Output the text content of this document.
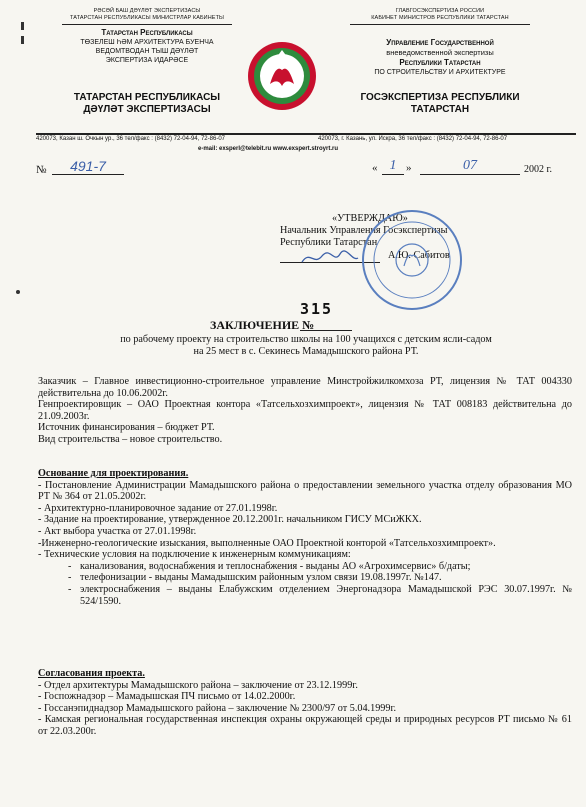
РӘСӘЙ БАШ ДӘҮЛӘТ ЭКСПЕРТИЗАСЫ
ТАТАРСТАН РЕСПУБЛИКАСЫ МИНИСТРЛАР КАБИНЕТЫ
Татарстан Республикасы
ТӨЗЕЛЕШ ҺӘМ АРХИТЕКТУРА БУЕНЧА
ВЕДОМТВОДАН ТЫШ ДӘҮЛӘТ
ЭКСПЕРТИЗА ИДАРӘСЕ
ТАТАРСТАН РЕСПУБЛИКАСЫ
ДӘҮЛӘТ ЭКСПЕРТИЗАСЫ
ГЛАВГОСЭКСПЕРТИЗА РОССИИ
КАБИНЕТ МИНИСТРОВ РЕСПУБЛИКИ ТАТАРСТАН
Управление Государственной
вневедомственной экспертизы
Республики Татарстан
ПО СТРОИТЕЛЬСТВУ И АРХИТЕКТУРЕ
ГОСЭКСПЕРТИЗА РЕСПУБЛИКИ
ТАТАРСТАН
420073, Казан ш. Очкын ур., 36 тел/факс : (8432) 72-04-94, 72-86-07	420073, г. Казань, ул. Искра, 36 тел/факс : (8432) 72-04-94, 72-86-07
e-mail: exsperl@telebit.ru www.exspert.stroyrt.ru
№	491-7	« 1 »	07	2002 г.
«УТВЕРЖДАЮ»
Начальник Управления Госэкспертизы
Республики Татарстан
А.Ю. Сабитов
315
ЗАКЛЮЧЕНИЕ №
по рабочему проекту на строительство школы на 100 учащихся с детским ясли-садом
на 25 мест в с. Секинесь Мамадышского района РТ.

Заказчик – Главное инвестиционно-строительное управление Минстройжилкомхоза РТ, лицензия № ТАТ 004330 действительна до 10.06.2002г.

Генпроектировщик – ОАО Проектная контора «Татсельхозхимпроект», лицензия № ТАТ 008183 действительна до 21.09.2003г.

Источник финансирования – бюджет РТ.

Вид строительства – новое строительство.

Основание для проектирования.

- Постановление Администрации Мамадышского района о предоставлении земельного участка отделу образования МО РТ № 364 от 21.05.2002г.

- Архитектурно-планировочное задание от 27.01.1998г.

- Задание на проектирование, утвержденное 20.12.2001г. начальником ГИСУ МСиЖКХ.

- Акт выбора участка от 27.01.1998г.

-Инженерно-геологические изыскания, выполненные ОАО Проектной конторой «Татсельхозхимпроект».

- Технические условия на подключение к инженерным коммуникациям:

- канализования, водоснабжения и теплоснабжения - выданы АО «Агрохимсервис» б/даты;
- телефонизации - выданы Мамадышским районным узлом связи 19.08.1997г. №147.
- электроснабжения – выданы Елабужским отделением Энергонадзора Мамадышской РЭС 30.07.1997г. № 524/1590.

Согласования проекта.

- Отдел архитектуры Мамадышского района – заключение от 23.12.1999г.

- Госпожнадзор – Мамадышская ПЧ письмо от 14.02.2000г.

- Госсанэпиднадзор Мамадышского района – заключение № 2300/97 от 5.04.1999г.

- Камская региональная государственная инспекция охраны окружающей среды и природных ресурсов РТ письмо № 61 от 22.03.200г.
